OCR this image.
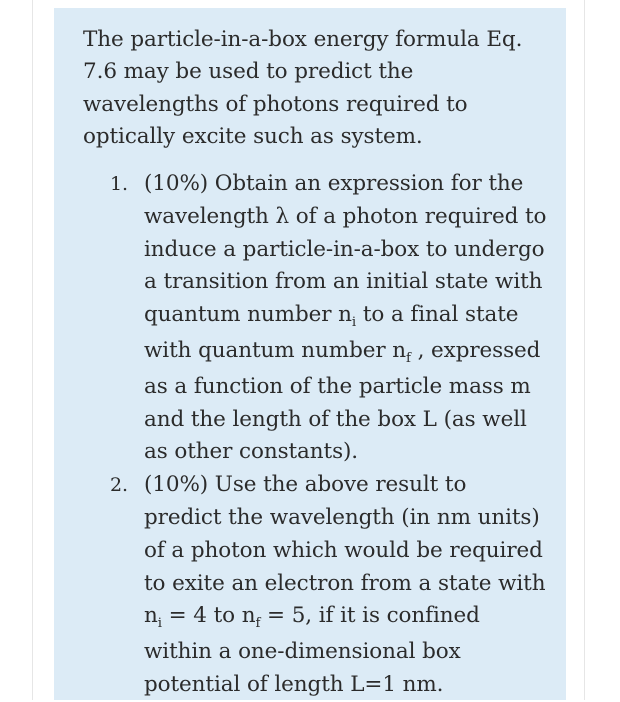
The particle-in-a-box energy formula Eq. 7.6 may be used to predict the wavelengths of photons required to optically excite such as system.

1. (10%) Obtain an expression for the wavelength λ of a photon required to induce a particle-in-a-box to undergo a transition from an initial state with quantum number $n_i$ to a final state with quantum number $n_f$ , expressed as a function of the particle mass m and the length of the box L (as well as other constants).
2. (10%) Use the above result to predict the wavelength (in nm units) of a photon which would be required to exite an electron from a state with $n_i = 4$ to $n_f = 5$, if it is confined within a one-dimensional box potential of length L=1 nm.
